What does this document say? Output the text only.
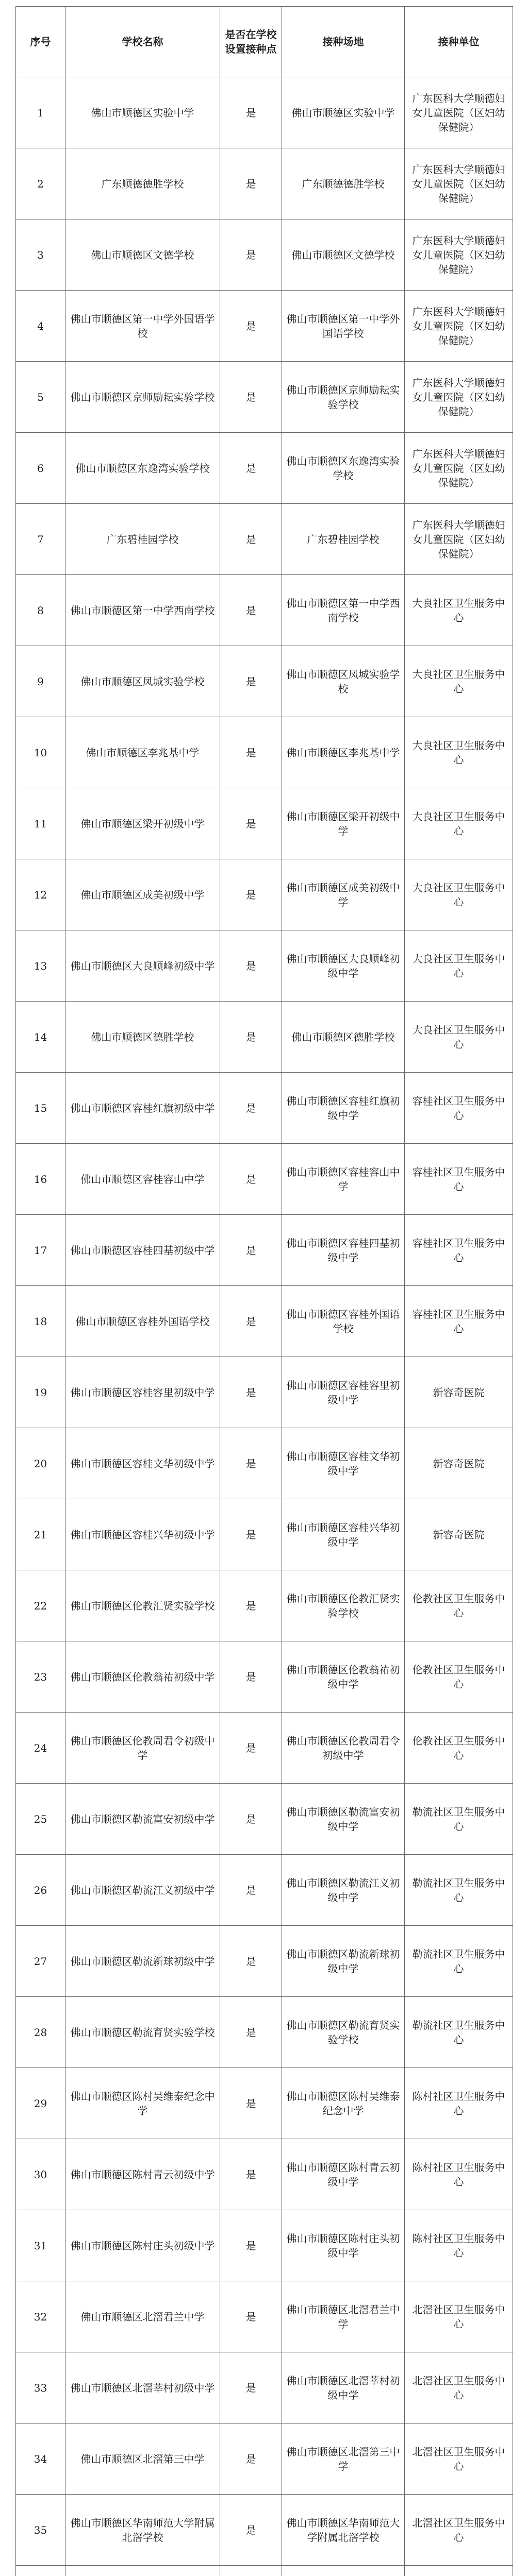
序号	学校名称	是否在学校设置接种点	接种场地	接种单位
1	佛山市顺德区实验中学	是	佛山市顺德区实验中学	广东医科大学顺德妇女儿童医院（区妇幼保健院）
2	广东顺德德胜学校	是	广东顺德德胜学校	广东医科大学顺德妇女儿童医院（区妇幼保健院）
3	佛山市顺德区文德学校	是	佛山市顺德区文德学校	广东医科大学顺德妇女儿童医院（区妇幼保健院）
4	佛山市顺德区第一中学外国语学校	是	佛山市顺德区第一中学外国语学校	广东医科大学顺德妇女儿童医院（区妇幼保健院）
5	佛山市顺德区京师励耘实验学校	是	佛山市顺德区京师励耘实验学校	广东医科大学顺德妇女儿童医院（区妇幼保健院）
6	佛山市顺德区东逸湾实验学校	是	佛山市顺德区东逸湾实验学校	广东医科大学顺德妇女儿童医院（区妇幼保健院）
7	广东碧桂园学校	是	广东碧桂园学校	广东医科大学顺德妇女儿童医院（区妇幼保健院）
8	佛山市顺德区第一中学西南学校	是	佛山市顺德区第一中学西南学校	大良社区卫生服务中心
9	佛山市顺德区凤城实验学校	是	佛山市顺德区凤城实验学校	大良社区卫生服务中心
10	佛山市顺德区李兆基中学	是	佛山市顺德区李兆基中学	大良社区卫生服务中心
11	佛山市顺德区梁开初级中学	是	佛山市顺德区梁开初级中学	大良社区卫生服务中心
12	佛山市顺德区成美初级中学	是	佛山市顺德区成美初级中学	大良社区卫生服务中心
13	佛山市顺德区大良顺峰初级中学	是	佛山市顺德区大良顺峰初级中学	大良社区卫生服务中心
14	佛山市顺德区德胜学校	是	佛山市顺德区德胜学校	大良社区卫生服务中心
15	佛山市顺德区容桂红旗初级中学	是	佛山市顺德区容桂红旗初级中学	容桂社区卫生服务中心
16	佛山市顺德区容桂容山中学	是	佛山市顺德区容桂容山中学	容桂社区卫生服务中心
17	佛山市顺德区容桂四基初级中学	是	佛山市顺德区容桂四基初级中学	容桂社区卫生服务中心
18	佛山市顺德区容桂外国语学校	是	佛山市顺德区容桂外国语学校	容桂社区卫生服务中心
19	佛山市顺德区容桂容里初级中学	是	佛山市顺德区容桂容里初级中学	新容奇医院
20	佛山市顺德区容桂文华初级中学	是	佛山市顺德区容桂文华初级中学	新容奇医院
21	佛山市顺德区容桂兴华初级中学	是	佛山市顺德区容桂兴华初级中学	新容奇医院
22	佛山市顺德区伦教汇贤实验学校	是	佛山市顺德区伦教汇贤实验学校	伦教社区卫生服务中心
23	佛山市顺德区伦教翁祐初级中学	是	佛山市顺德区伦教翁祐初级中学	伦教社区卫生服务中心
24	佛山市顺德区伦教周君令初级中学	是	佛山市顺德区伦教周君令初级中学	伦教社区卫生服务中心
25	佛山市顺德区勒流富安初级中学	是	佛山市顺德区勒流富安初级中学	勒流社区卫生服务中心
26	佛山市顺德区勒流江义初级中学	是	佛山市顺德区勒流江义初级中学	勒流社区卫生服务中心
27	佛山市顺德区勒流新球初级中学	是	佛山市顺德区勒流新球初级中学	勒流社区卫生服务中心
28	佛山市顺德区勒流育贤实验学校	是	佛山市顺德区勒流育贤实验学校	勒流社区卫生服务中心
29	佛山市顺德区陈村吴维泰纪念中学	是	佛山市顺德区陈村吴维泰纪念中学	陈村社区卫生服务中心
30	佛山市顺德区陈村青云初级中学	是	佛山市顺德区陈村青云初级中学	陈村社区卫生服务中心
31	佛山市顺德区陈村庄头初级中学	是	佛山市顺德区陈村庄头初级中学	陈村社区卫生服务中心
32	佛山市顺德区北滘君兰中学	是	佛山市顺德区北滘君兰中学	北滘社区卫生服务中心
33	佛山市顺德区北滘莘村初级中学	是	佛山市顺德区北滘莘村初级中学	北滘社区卫生服务中心
34	佛山市顺德区北滘第三中学	是	佛山市顺德区北滘第三中学	北滘社区卫生服务中心
35	佛山市顺德区华南师范大学附属北滘学校	是	佛山市顺德区华南师范大学附属北滘学校	北滘社区卫生服务中心
